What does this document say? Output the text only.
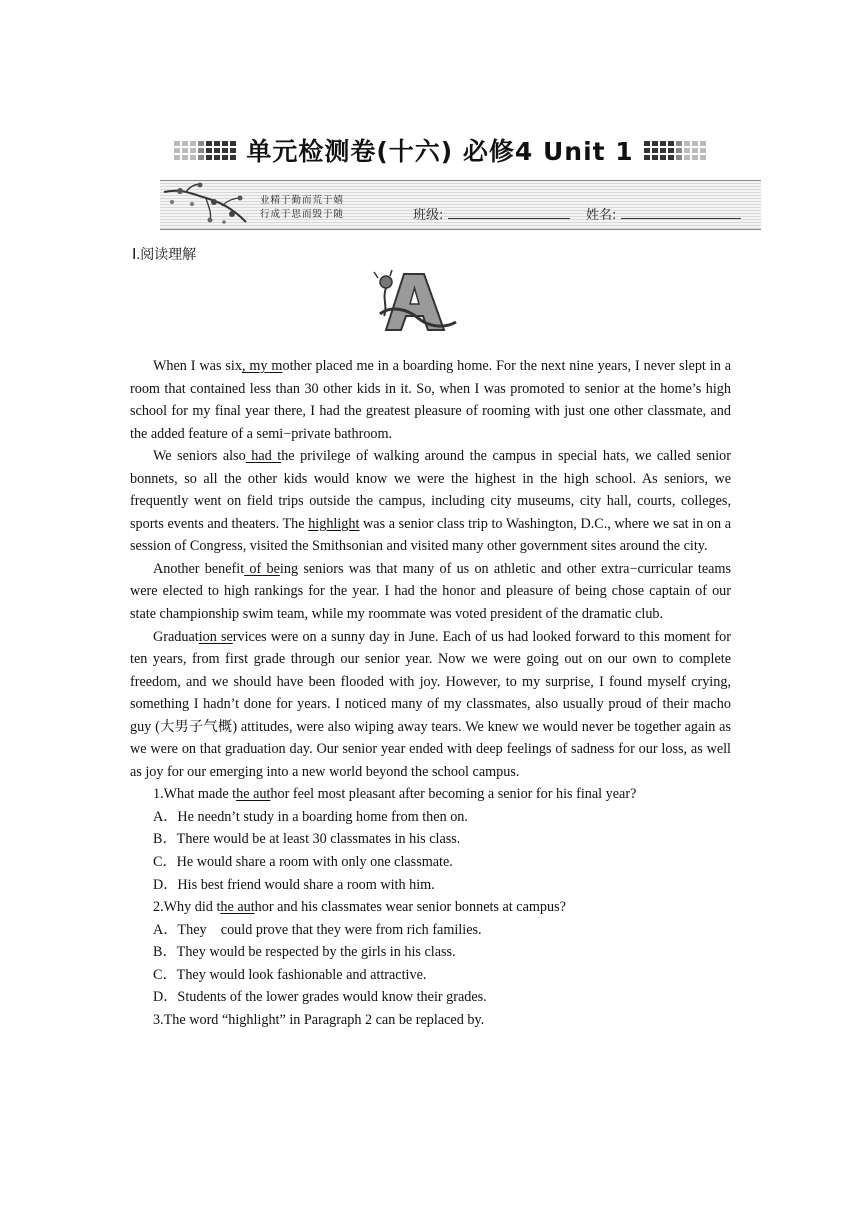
单元检测卷(十六) 必修4 Unit 1
业精于勤而荒于嬉
行成于思而毁于随	班级:	姓名:
Ⅰ.阅读理解
A

When I was six, my mother placed me in a boarding home. For the next nine years, I never slept in a room that contained less than 30 other kids in it. So, when I was promoted to senior at the home’s high school for my final year there, I had the greatest pleasure of rooming with just one other classmate, and the added feature of a semi−private bathroom.

We seniors also had the privilege of walking around the campus in special hats, we called senior bonnets, so all the other kids would know we were the highest in the high school. As seniors, we frequently went on field trips outside the campus, including city museums, city hall, courts, colleges, sports events and theaters. The highlight was a senior class trip to Washington, D.C., where we sat in on a session of Congress, visited the Smithsonian and visited many other government sites around the city.

Another benefit of being seniors was that many of us on athletic and other extra−curricular teams were elected to high rankings for the year. I had the honor and pleasure of being chose captain of our state championship swim team, while my roommate was voted president of the dramatic club.

Graduation services were on a sunny day in June. Each of us had looked forward to this moment for ten years, from first grade through our senior year. Now we were going out on our own to complete freedom, and we should have been flooded with joy. However, to my surprise, I found myself crying, something I hadn’t done for years. I noticed many of my classmates, also usually proud of their macho guy (大男子气概) attitudes, were also wiping away tears. We knew we would never be together again as we were on that graduation day. Our senior year ended with deep feelings of sadness for our loss, as well as joy for our emerging into a new world beyond the school campus.

1.What made the author feel most pleasant after becoming a senior for his final year?

A．He needn’t study in a boarding home from then on.

B．There would be at least 30 classmates in his class.

C．He would share a room with only one classmate.

D．His best friend would share a room with him.

2.Why did the author and his classmates wear senior bonnets at campus?

A．They　could prove that they were from rich families.

B．They would be respected by the girls in his class.

C．They would look fashionable and attractive.

D．Students of the lower grades would know their grades.

3.The word “highlight” in Paragraph 2 can be replaced by.
